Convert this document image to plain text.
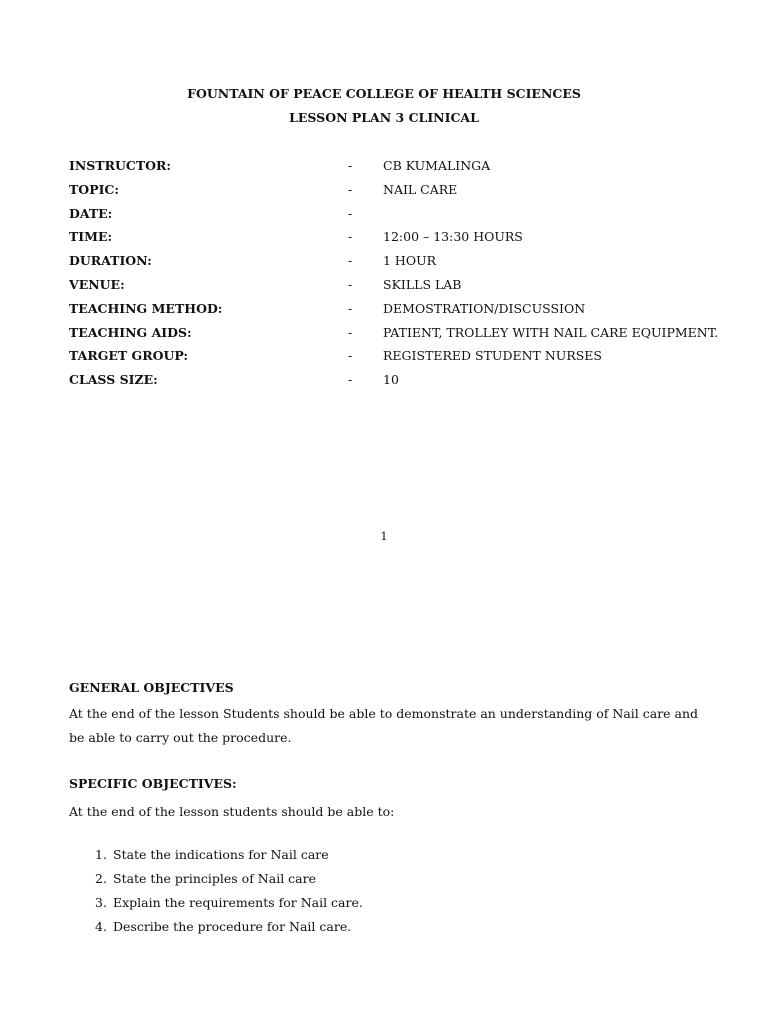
FOUNTAIN OF PEACE COLLEGE OF HEALTH SCIENCES
LESSON PLAN 3 CLINICAL
INSTRUCTOR:	- CB KUMALINGA
TOPIC:	- NAIL CARE
DATE:	-
TIME:	- 12:00 – 13:30 HOURS
DURATION:	- 1 HOUR
VENUE:	- SKILLS LAB
TEACHING METHOD:	- DEMOSTRATION/DISCUSSION
TEACHING AIDS:	- PATIENT, TROLLEY WITH NAIL CARE EQUIPMENT.
TARGET GROUP:	- REGISTERED STUDENT NURSES
CLASS SIZE:	- 10
1
GENERAL OBJECTIVES
At the end of the lesson Students should be able to demonstrate an understanding of Nail care and be able to carry out the procedure.
SPECIFIC OBJECTIVES:
At the end of the lesson students should be able to:
1. State the indications for Nail care
2. State the principles of Nail care
3. Explain the requirements for Nail care.
4. Describe the procedure for Nail care.
